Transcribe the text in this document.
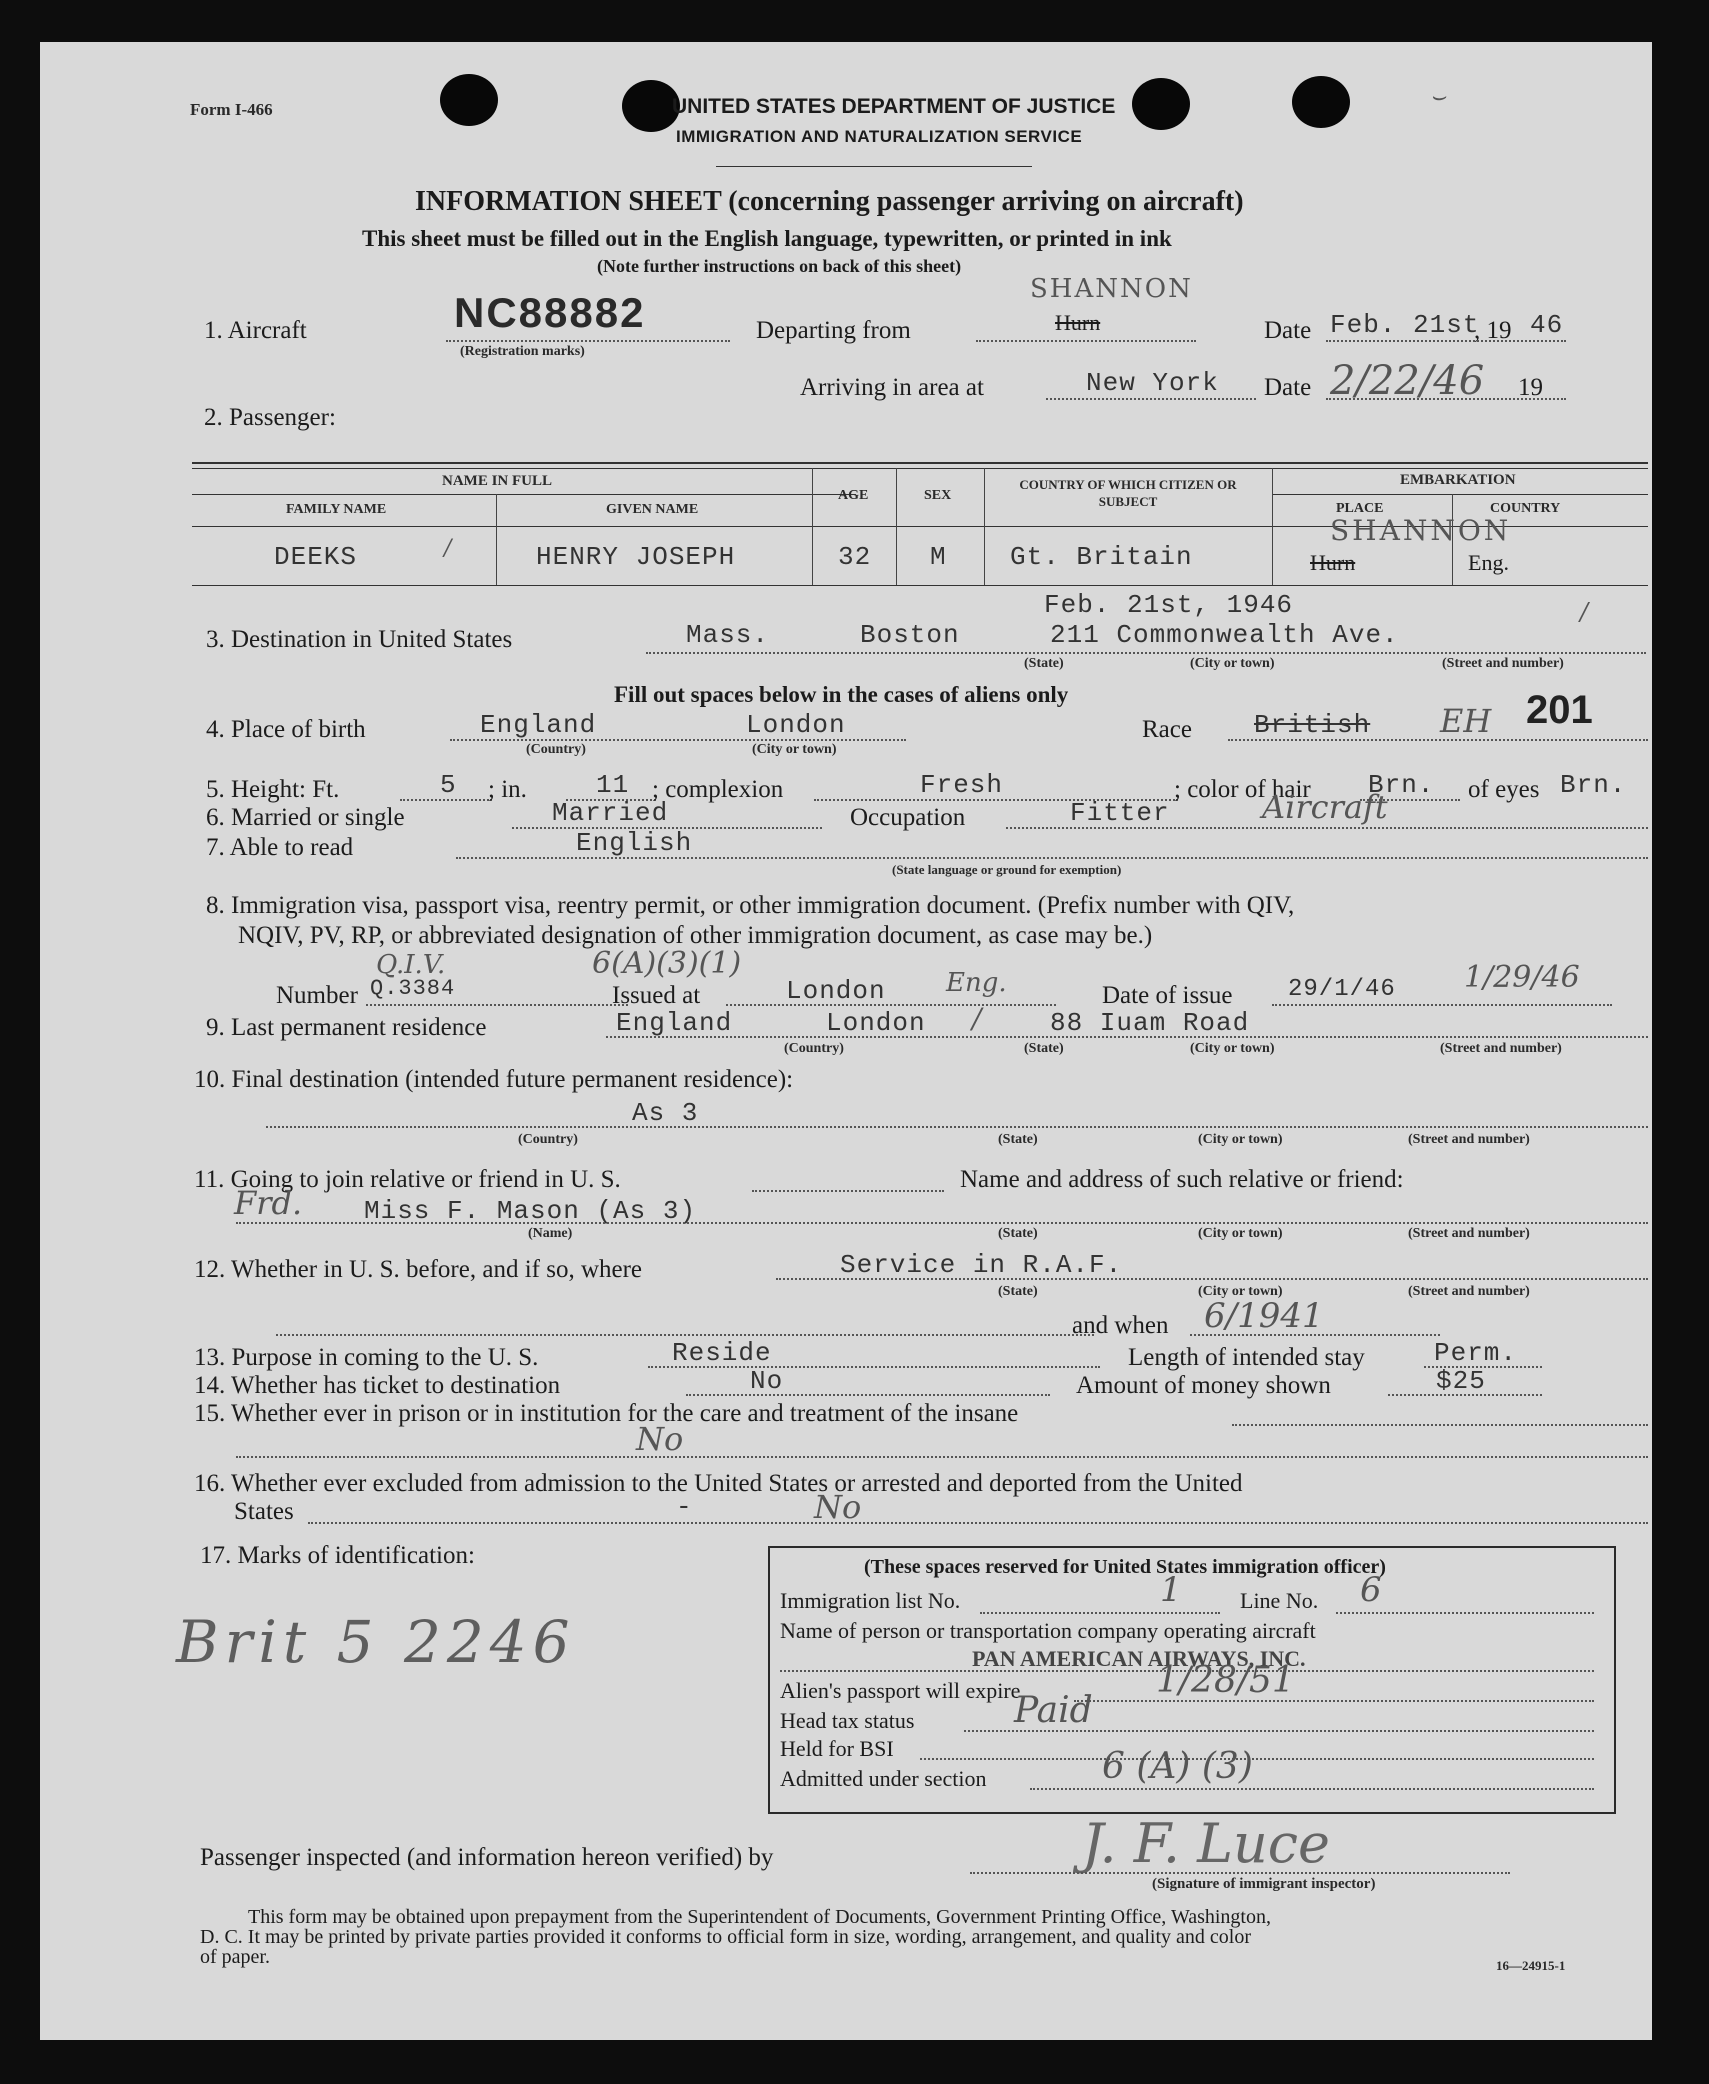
⌣
Form I-466	UNITED STATES DEPARTMENT OF JUSTICE
IMMIGRATION AND NATURALIZATION SERVICE
INFORMATION SHEET (concerning passenger arriving on aircraft)
This sheet must be filled out in the English language, typewritten, or printed in ink
(Note further instructions on back of this sheet)
1. Aircraft	NC88882
(Registration marks)
Departing from
SHANNON
Hurn	Date Feb. 21st
, 19 46
Arriving in area at	New York Date 2/22/46 19
2. Passenger:
NAME IN FULL
FAMILY NAME	GIVEN NAME
AGE	SEX
COUNTRY OF WHICH CITIZEN OR SUBJECT
EMBARKATION
PLACE	COUNTRY
DEEKS	/	HENRY JOSEPH	32 M Gt. Britain
SHANNON
Hurn	Eng.
Feb. 21st, 1946	/
3. Destination in United States	Mass.	Boston	211 Commonwealth Ave.
(State)	(City or town)	(Street and number)
Fill out spaces below in the cases of aliens only
4. Place of birth	England	London
(Country)	(City or town)
Race British EH 201
5. Height: Ft.	5 ; in.	11 ; complexion	Fresh	; color of hair Brn. of eyes Brn.
6. Married or single	Married	Occupation	Fitter	Aircraft
7. Able to read	English
(State language or ground for exemption)
8. Immigration visa, passport visa, reentry permit, or other immigration document. (Prefix number with QIV,
NQIV, PV, RP, or abbreviated designation of other immigration document, as case may be.)
Q.I.V.	6(A)(3)(1)
Number Q.3384	Issued at	London Eng.	Date of issue 29/1/46 1/29/46
9. Last permanent residence	England	London /	88 Iuam Road
(Country)	(State)	(City or town)	(Street and number)
10. Final destination (intended future permanent residence):
As 3
(Country)	(State)	(City or town)	(Street and number)
11. Going to join relative or friend in U. S.	Name and address of such relative or friend:
Frd. Miss F. Mason (As 3)
(Name)	(State)	(City or town)	(Street and number)
12. Whether in U. S. before, and if so, where	Service in R.A.F.
(State)	(City or town)	(Street and number)
and when 6/1941
13. Purpose in coming to the U. S.	Reside	Length of intended stay	Perm.
14. Whether has ticket to destination	No	Amount of money shown	$25
15. Whether ever in prison or in institution for the care and treatment of the insane
No
16. Whether ever excluded from admission to the United States or arrested and deported from the United
States	-	No
17. Marks of identification:
Brit 5 2246
(These spaces reserved for United States immigration officer)
Immigration list No.	1	Line No. 6
Name of person or transportation company operating aircraft
PAN AMERICAN AIRWAYS, INC.
Alien's passport will expire	1/28/51
Head tax status	Paid
Held for BSI
Admitted under section	6 (A) (3)
Passenger inspected (and information hereon verified) by	J. F. Luce
(Signature of immigrant inspector)
This form may be obtained upon prepayment from the Superintendent of Documents, Government Printing Office, Washington,
D. C. It may be printed by private parties provided it conforms to official form in size, wording, arrangement, and quality and color
of paper.	16—24915-1
